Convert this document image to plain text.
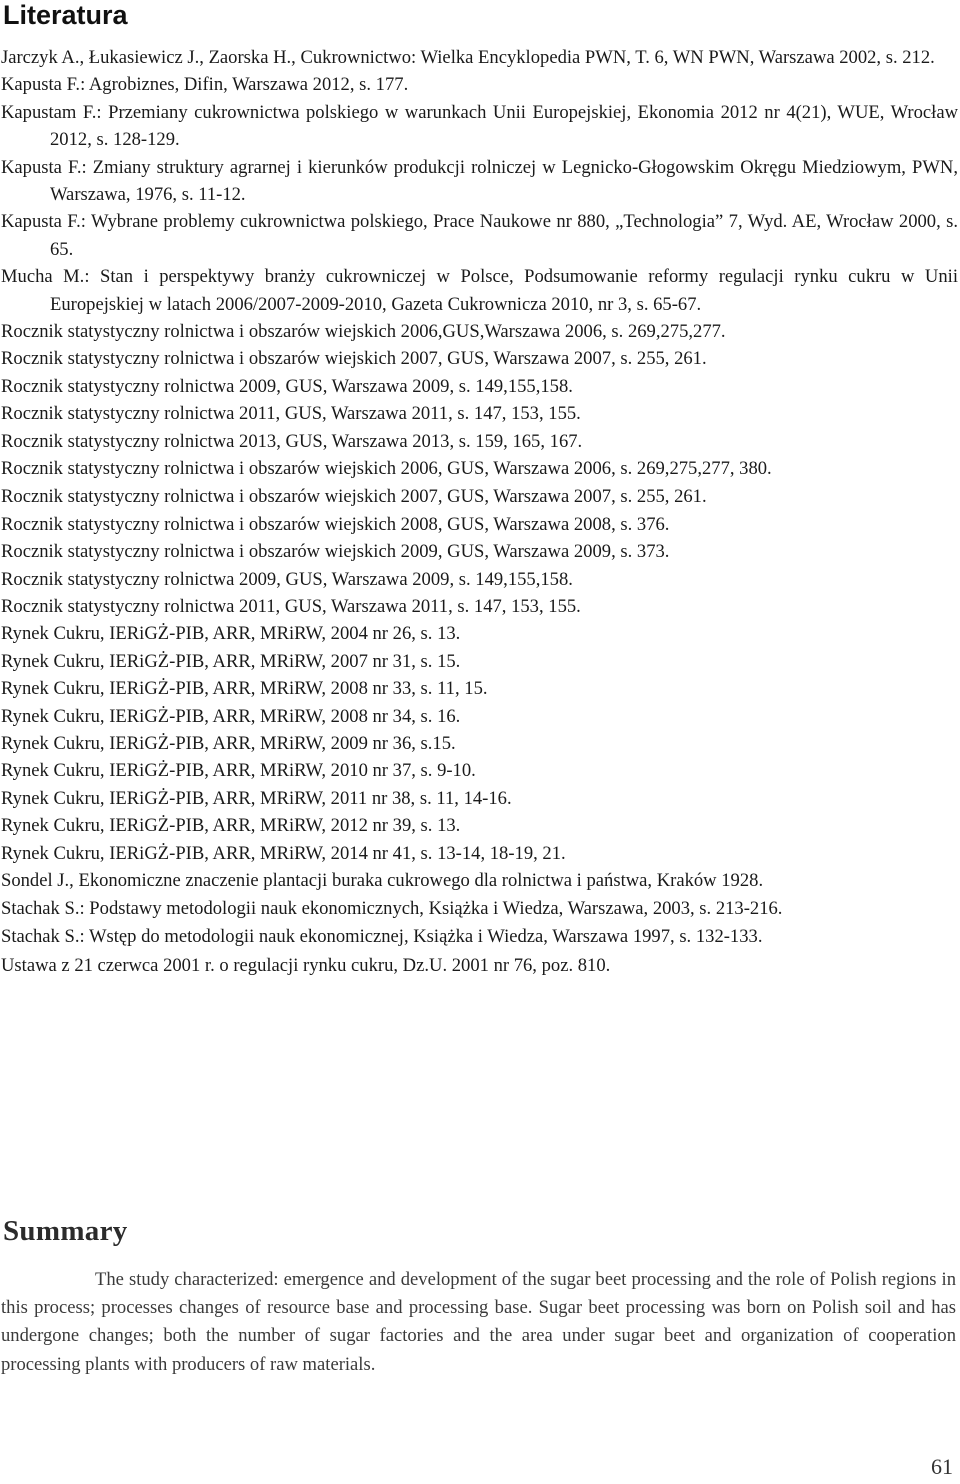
Literatura
Jarczyk A., Łukasiewicz J., Zaorska H., Cukrownictwo: Wielka Encyklopedia PWN, T. 6, WN PWN, Warszawa 2002, s. 212.
Kapusta F.: Agrobiznes, Difin, Warszawa 2012, s. 177.
Kapustam F.: Przemiany cukrownictwa polskiego w warunkach Unii Europejskiej, Ekonomia 2012 nr 4(21), WUE, Wrocław 2012, s. 128-129.
Kapusta F.: Zmiany struktury agrarnej i kierunków produkcji rolniczej w Legnicko-Głogowskim Okręgu Miedziowym, PWN, Warszawa, 1976, s. 11-12.
Kapusta F.: Wybrane problemy cukrownictwa polskiego, Prace Naukowe nr 880, „Technologia” 7, Wyd. AE, Wrocław 2000, s. 65.
Mucha M.: Stan i perspektywy branży cukrowniczej w Polsce, Podsumowanie reformy regulacji rynku cukru w Unii Europejskiej w latach 2006/2007-2009-2010, Gazeta Cukrownicza 2010, nr 3, s. 65-67.
Rocznik statystyczny rolnictwa i obszarów wiejskich 2006,GUS,Warszawa 2006, s. 269,275,277.
Rocznik statystyczny rolnictwa i obszarów wiejskich 2007, GUS, Warszawa 2007, s. 255, 261.
Rocznik statystyczny rolnictwa 2009, GUS, Warszawa 2009, s. 149,155,158.
Rocznik statystyczny rolnictwa 2011, GUS, Warszawa 2011, s. 147, 153, 155.
Rocznik statystyczny rolnictwa 2013, GUS, Warszawa 2013, s. 159, 165, 167.
Rocznik statystyczny rolnictwa i obszarów wiejskich 2006, GUS, Warszawa 2006, s. 269,275,277, 380.
Rocznik statystyczny rolnictwa i obszarów wiejskich 2007, GUS, Warszawa 2007, s. 255, 261.
Rocznik statystyczny rolnictwa i obszarów wiejskich 2008, GUS, Warszawa 2008, s. 376.
Rocznik statystyczny rolnictwa i obszarów wiejskich 2009, GUS, Warszawa 2009, s. 373.
Rocznik statystyczny rolnictwa 2009, GUS, Warszawa 2009, s. 149,155,158.
Rocznik statystyczny rolnictwa 2011, GUS, Warszawa 2011, s. 147, 153, 155.
Rynek Cukru, IERiGŻ-PIB, ARR, MRiRW, 2004 nr 26, s. 13.
Rynek Cukru, IERiGŻ-PIB, ARR, MRiRW, 2007 nr 31, s. 15.
Rynek Cukru, IERiGŻ-PIB, ARR, MRiRW, 2008 nr 33, s. 11, 15.
Rynek Cukru, IERiGŻ-PIB, ARR, MRiRW, 2008 nr 34, s. 16.
Rynek Cukru, IERiGŻ-PIB, ARR, MRiRW, 2009 nr 36, s.15.
Rynek Cukru, IERiGŻ-PIB, ARR, MRiRW, 2010 nr 37, s. 9-10.
Rynek Cukru, IERiGŻ-PIB, ARR, MRiRW, 2011 nr 38, s. 11, 14-16.
Rynek Cukru, IERiGŻ-PIB, ARR, MRiRW, 2012 nr 39, s. 13.
Rynek Cukru, IERiGŻ-PIB, ARR, MRiRW, 2014 nr 41, s. 13-14, 18-19, 21.
Sondel J., Ekonomiczne znaczenie plantacji buraka cukrowego dla rolnictwa i państwa, Kraków 1928.
Stachak S.: Podstawy metodologii nauk ekonomicznych, Książka i Wiedza, Warszawa, 2003, s. 213-216.
Stachak S.: Wstęp do metodologii nauk ekonomicznej, Książka i Wiedza, Warszawa 1997, s. 132-133.
Ustawa z 21 czerwca 2001 r. o regulacji rynku cukru, Dz.U. 2001 nr 76, poz. 810.
Summary

The study characterized: emergence and development of the sugar beet processing and the role of Polish regions in this process; processes changes of resource base and processing base. Sugar beet processing was born on Polish soil and has undergone changes; both the number of sugar factories and the area under sugar beet and organization of cooperation processing plants with producers of raw materials.

61
